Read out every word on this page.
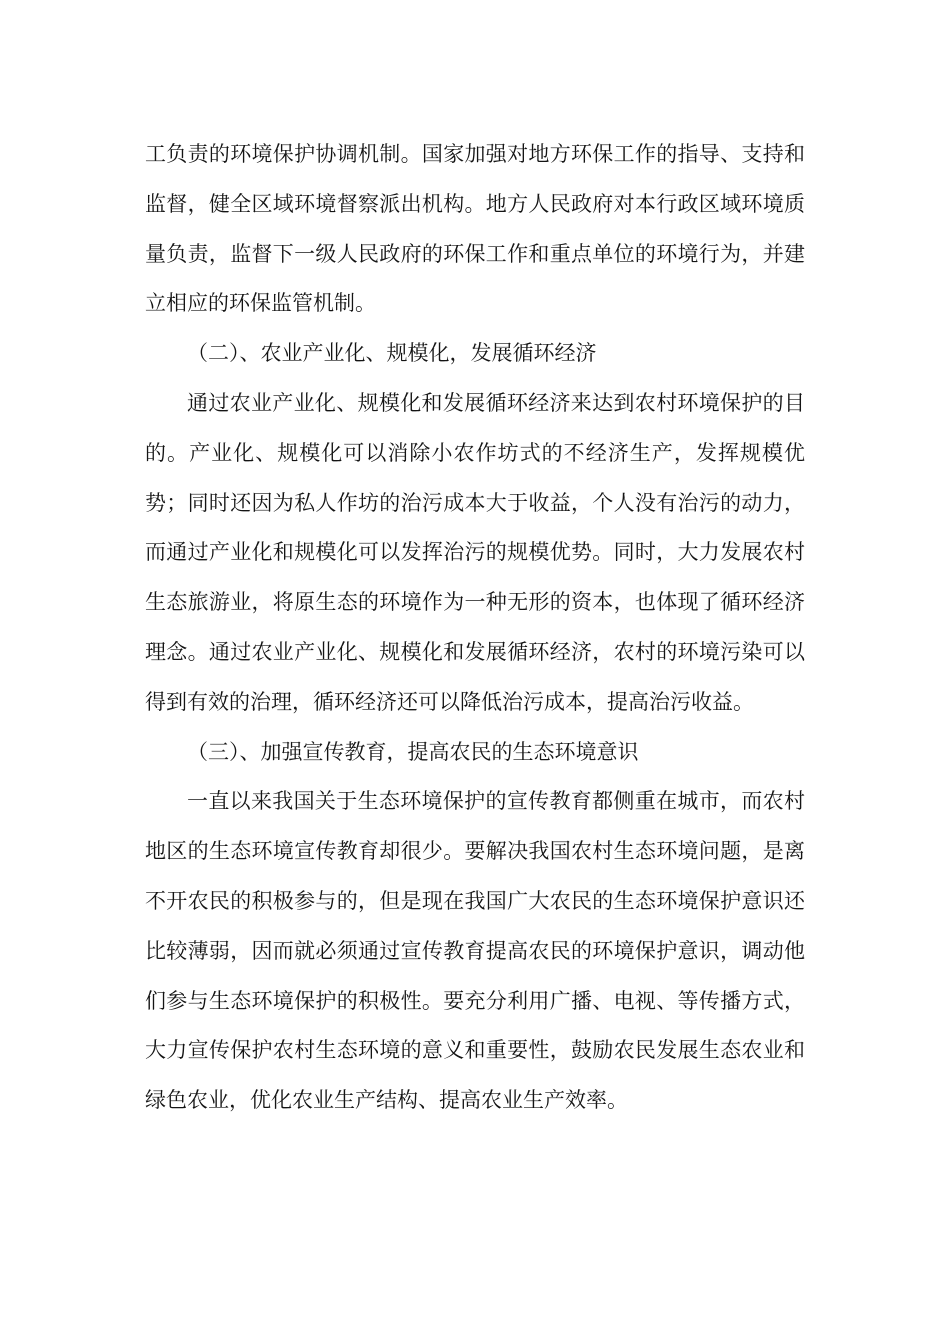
工负责的环境保护协调机制。国家加强对地方环保工作的指导、支持和监督，健全区域环境督察派出机构。地方人民政府对本行政区域环境质量负责，监督下一级人民政府的环保工作和重点单位的环境行为，并建立相应的环保监管机制。

（二）、农业产业化、规模化，发展循环经济

通过农业产业化、规模化和发展循环经济来达到农村环境保护的目的。产业化、规模化可以消除小农作坊式的不经济生产，发挥规模优势；同时还因为私人作坊的治污成本大于收益，个人没有治污的动力，而通过产业化和规模化可以发挥治污的规模优势。同时，大力发展农村生态旅游业，将原生态的环境作为一种无形的资本，也体现了循环经济理念。通过农业产业化、规模化和发展循环经济，农村的环境污染可以得到有效的治理，循环经济还可以降低治污成本，提高治污收益。

（三）、加强宣传教育，提高农民的生态环境意识

一直以来我国关于生态环境保护的宣传教育都侧重在城市，而农村地区的生态环境宣传教育却很少。要解决我国农村生态环境问题，是离不开农民的积极参与的，但是现在我国广大农民的生态环境保护意识还比较薄弱，因而就必须通过宣传教育提高农民的环境保护意识，调动他们参与生态环境保护的积极性。要充分利用广播、电视、等传播方式，大力宣传保护农村生态环境的意义和重要性，鼓励农民发展生态农业和绿色农业，优化农业生产结构、提高农业生产效率。
